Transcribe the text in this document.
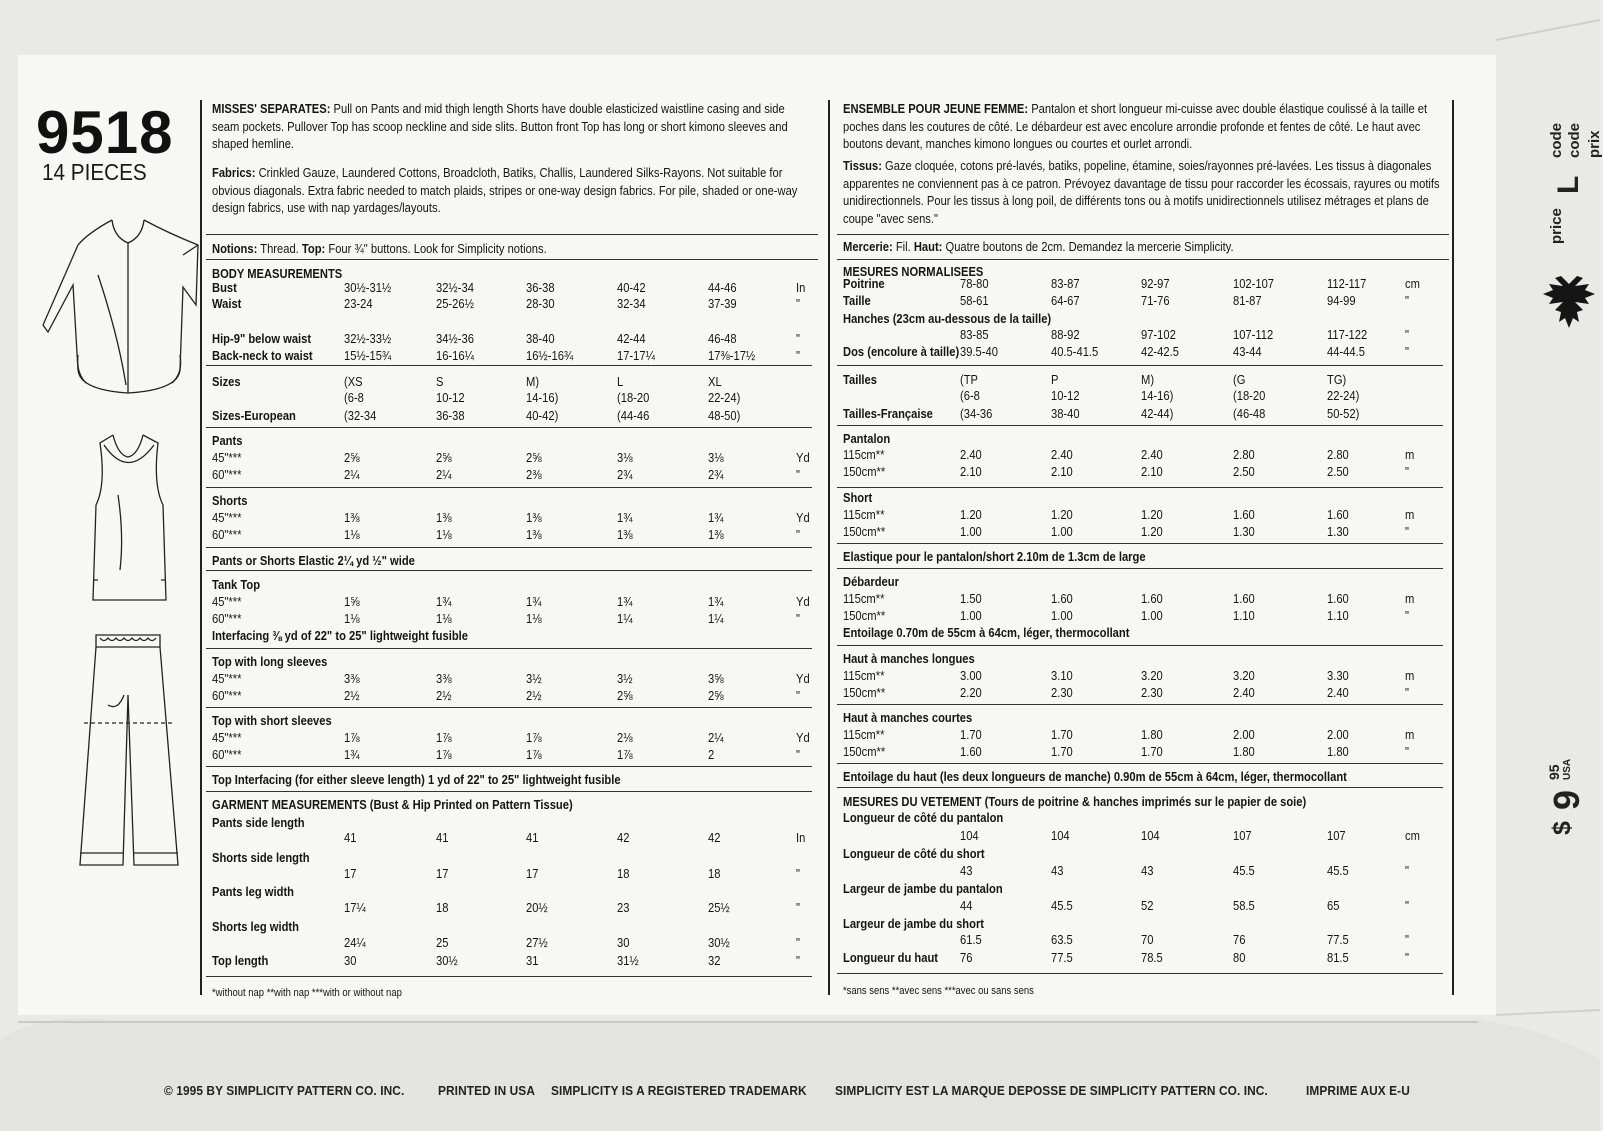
9518
14 PIECES
MISSES' SEPARATES: Pull on Pants and mid thigh length Shorts have double elasticized waistline casing and side seam pockets. Pullover Top has scoop neckline and side slits. Button front Top has long or short kimono sleeves and shaped hemline.
Fabrics: Crinkled Gauze, Laundered Cottons, Broadcloth, Batiks, Challis, Laundered Silks-Rayons. Not suitable for obvious diagonals. Extra fabric needed to match plaids, stripes or one-way design fabrics. For pile, shaded or one-way design fabrics, use with nap yardages/layouts.
Notions: Thread. Top: Four ¾" buttons. Look for Simplicity notions.
BODY MEASUREMENTS
Bust	30½-31½	32½-34	36-38	40-42	44-46	In
Waist	23-24	25-26½	28-30	32-34	37-39	"
Hip-9" below waist	32½-33½	34½-36	38-40	42-44	46-48	"
Back-neck to waist 15½-15¾	16-16¼	16½-16¾	17-17¼	17⅜-17½	"
Sizes	(XS	S	M)	L	XL
(6-8	10-12	14-16)	(18-20	22-24)
Sizes-European	(32-34	36-38	40-42)	(44-46	48-50)
Pants
45"***	2⅝	2⅝	2⅝	3⅛	3⅛	Yd
60"***	2¼	2¼	2⅜	2¾	2¾	"
Shorts
45"***	1⅜	1⅜	1⅜	1¾	1¾	Yd
60"***	1⅛	1⅛	1⅜	1⅜	1⅜	"
Pants or Shorts Elastic 2¼ yd ½" wide
Tank Top
45"***	1⅝	1¾	1¾	1¾	1¾	Yd
60"***	1⅛	1⅛	1⅛	1¼	1¼	"
Interfacing ⅜ yd of 22" to 25" lightweight fusible
Top with long sleeves
45"***	3⅜	3⅜	3½	3½	3⅝	Yd
60"***	2½	2½	2½	2⅝	2⅝	"
Top with short sleeves
45"***	1⅞	1⅞	1⅞	2⅛	2¼	Yd
60"***	1¾	1⅞	1⅞	1⅞	2	"
Top Interfacing (for either sleeve length) 1 yd of 22" to 25" lightweight fusible
GARMENT MEASUREMENTS (Bust & Hip Printed on Pattern Tissue)
Pants side length
41	41	41	42	42	In
Shorts side length
17	17	17	18	18	"
Pants leg width
17¼	18	20½	23	25½	"
Shorts leg width
24¼	25	27½	30	30½	"
Top length	30	30½	31	31½	32	"
*without nap **with nap ***with or without nap
ENSEMBLE POUR JEUNE FEMME: Pantalon et short longueur mi-cuisse avec double élastique coulissé à la taille et poches dans les coutures de côté. Le débardeur est avec encolure arrondie profonde et fentes de côté. Le haut avec boutons devant, manches kimono longues ou courtes et ourlet arrondi.
Tissus: Gaze cloquée, cotons pré-lavés, batiks, popeline, étamine, soies/rayonnes pré-lavées. Les tissus à diagonales apparentes ne conviennent pas à ce patron. Prévoyez davantage de tissu pour raccorder les écossais, rayures ou motifs unidirectionnels. Pour les tissus à long poil, de différents tons ou à motifs unidirectionnels utilisez métrages et plans de coupe "avec sens."
Mercerie: Fil. Haut: Quatre boutons de 2cm. Demandez la mercerie Simplicity.
MESURES NORMALISEES
Poitrine	78-80	83-87	92-97	102-107	112-117	cm
Taille	58-61	64-67	71-76	81-87	94-99	"
Hanches (23cm au-dessous de la taille)
83-85	88-92	97-102	107-112	117-122	"
Dos (encolure à taille) 39.5-40	40.5-41.5	42-42.5	43-44	44-44.5	"
Tailles	(TP	P	M)	(G	TG)
(6-8	10-12	14-16)	(18-20	22-24)
Tailles-Française (34-36	38-40	42-44)	(46-48	50-52)
Pantalon
115cm**	2.40	2.40	2.40	2.80	2.80	m
150cm**	2.10	2.10	2.10	2.50	2.50	"
Short
115cm**	1.20	1.20	1.20	1.60	1.60	m
150cm**	1.00	1.00	1.20	1.30	1.30	"
Elastique pour le pantalon/short 2.10m de 1.3cm de large
Débardeur
115cm**	1.50	1.60	1.60	1.60	1.60	m
150cm**	1.00	1.00	1.00	1.10	1.10	"
Entoilage 0.70m de 55cm à 64cm, léger, thermocollant
Haut à manches longues
115cm**	3.00	3.10	3.20	3.20	3.30	m
150cm**	2.20	2.30	2.30	2.40	2.40	"
Haut à manches courtes
115cm**	1.70	1.70	1.80	2.00	2.00	m
150cm**	1.60	1.70	1.70	1.80	1.80	"
Entoilage du haut (les deux longueurs de manche) 0.90m de 55cm à 64cm, léger, thermocollant
MESURES DU VETEMENT (Tours de poitrine & hanches imprimés sur le papier de soie)
Longueur de côté du pantalon
104	104	104	107	107	cm
Longueur de côté du short
43	43	43	45.5	45.5	"
Largeur de jambe du pantalon
44	45.5	52	58.5	65	"
Largeur de jambe du short
61.5	63.5	70	76	77.5	"
Longueur du haut 76	77.5	78.5	80	81.5	"
*sans sens **avec sens ***avec ou sans sens
code code prix
price
L
$
9
95 USA
© 1995 BY SIMPLICITY PATTERN CO. INC.	PRINTED IN USA SIMPLICITY IS A REGISTERED TRADEMARK SIMPLICITY EST LA MARQUE DEPOSSE DE SIMPLICITY PATTERN CO. INC.	IMPRIME AUX E-U
